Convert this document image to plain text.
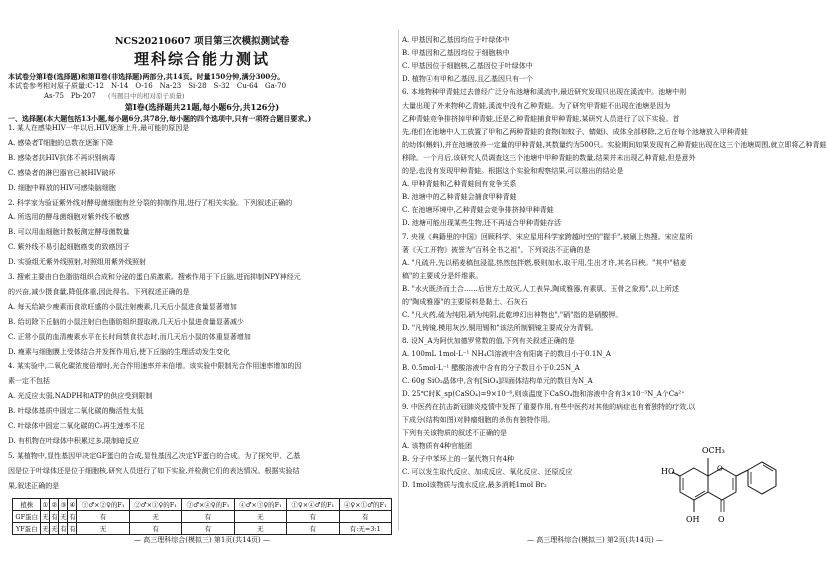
NCS20210607 项目第三次模拟测试卷
理科综合能力测试
本试卷分第Ⅰ卷(选择题)和第Ⅱ卷(非选择题)两部分,共14页。时量150分钟,满分300分。
本试卷参考相对原子质量:C-12　N-14　O-16　Na-23　Si-28　S-32　Cu-64　Ga-70
As-75　Pb-207 (当题目中的相对原子质量)
第Ⅰ卷(选择题共21题,每小题6分,共126分)
一、选择题(本大题包括13小题,每小题6分,共78分,每小题的四个选项中,只有一项符合题目要求。)
1. 某人在感染HIV一年以后,HIV逐渐上升,最可能的原因是
A. 感染者T细胞的总数在逐渐下降
B. 感染者抗HIV抗体不再识别病毒
C. 感染者的淋巴器官已被HIV破坏
D. 细胞中释放的HIV可感染脑细胞
2. 科学家为验证紫外线对酵母菌细胞有丝分裂的抑制作用,进行了相关实验。下列叙述正确的
A. 所选用的酵母菌细胞对紫外线不敏感
B. 可以用血细胞计数板测定酵母菌数量
C. 紫外线不易引起细胞癌变的致癌因子
D. 实验组无紫外线照射,对照组用紫外线照射
3. 搜索主要由白色脂肪组织合成和分泌的蛋白质激素。搜索作用于下丘脑,进而抑制NPY神经元
的兴奋,减少摄食量,降低体重,因此得名。下列叙述正确的是
A. 每天给缺少瘦素而食欲旺盛的小鼠注射瘦素,几天后小鼠进食量显著增加
B. 给切除下丘脑的小鼠注射白色脂肪组织提取液,几天后小鼠进食量显著减少
C. 正常小鼠的血清瘦素水平在长时间禁食状态时,而几天后小鼠的体重显著增加
D. 瘦素与细胞膜上受体结合并发挥作用后,使下丘脑的生理活动发生变化
4. 某实验中,二氧化碳浓度倍增时,光合作用速率并未倍增。该实验中限制光合作用速率增加的因
素一定不包括
A. 光反应太弱,NADPH和ATP的供应受到限制
B. 叶绿体基质中固定二氧化碳的酶活性太低
C. 叶绿体中固定二氧化碳的C₅再生速率不足
D. 有机物在叶绿体中积累过多,限制暗反应
5. 某植物中,显性基因甲决定GF蛋白的合成,显性基因乙决定YF蛋白的合成。为了探究甲、乙基
因是位于叶绿体还是位于细胞核,研究人员进行了如下实验,并检测它们的表达情况。根据实验结
果,叙述正确的是
植株	①	②	③	④	①♂×②♀的F₁	②♂×①♀的F₁	③♂×④♀的F₁	④♂×③♀的F₁	①♀×④♂的F₁	④♀×①♂的F₁
GF蛋白	无	有	无	有	有	无	有	无	有	有
YF蛋白	无	无	有	有	无	有	有	无	有	有:无=3:1
— 高三理科综合(模拟三) 第1页(共14页) —
A. 甲基因和乙基因均位于叶绿体中
B. 甲基因和乙基因均位于细胞核中
C. 甲基因位于细胞核,乙基因位于叶绿体中
D. 植物④有甲和乙基因,且乙基因只有一个
6. 本地物种甲青蛙过去曾经广泛分布池塘和溪流中,最近研究发现只出现在溪流中。池塘中则
大量出现了外来物种乙青蛙,溪流中没有乙种青蛙。为了研究甲青蛙不出现在池塘是因为
乙种青蛙竞争排挤掉甲种青蛙,还是乙种青蛙捕食甲种青蛙,某研究人员进行了以下实验。首
先,他们在池塘中人工放置了甲和乙两种青蛙的食物(如蚊子、蜻蜓)、成体全部移除,之后在每个池塘放入甲种青蛙
的幼体(蝌蚪),并在池塘放养一定量的甲种青蛙,其数量约为500只。实验期间如果发现有乙种青蛙出现在这三个池塘周围,就立即将乙种青蛙
移除。一个月后,该研究人员调查这三个池塘中甲种青蛙的数量,结果并未出现乙种青蛙,但是意外
的是,也没有发现甲种青蛙。根据这个实验和观察结果,可以推出的结论是
A. 甲种青蛙和乙种青蛙间有竞争关系
B. 池塘中的乙种青蛙会捕食甲种青蛙
C. 在池塘环境中,乙种青蛙会竞争排挤掉甲种青蛙
D. 池塘可能出现某些生物,还不再适合甲种青蛙存活
7. 央视《典籍里的中国》回顾科学、宋应星用科学家跨越时空的"握手",被刷上热搜。宋应星所
著《天工开物》被誉为"百科全书之祖"。下列说法不正确的是
A. "凡硫升,先以稻麦稿包浸湿,热然包拌燃,极则加水,取干用,生出才许,其名曰秧。"其中"秸麦
稿"的主要成分是纤维素。
B. "水火既济而土合……后世方土故灭,人工表异,陶成雅器,有素肌、玉骨之象焉",以上所述
的"陶成雅器"的主要原料是黏土、石灰石
C. "凡火药,硫为纯阳,硝为纯阴,此乾坤幻出神物也","硝"指的是硝酸钾。
D. "凡铸镜,模用灰沙,铜用锡和"该法所制铜镜主要成分为青铜。
8. 设N_A为阿伏加德罗常数的值,下列有关叙述正确的是
A. 100mL 1mol·L⁻¹ NH₄Cl溶液中含有阳离子的数目小于0.1N_A
B. 0.5mol·L⁻¹ 醋酸溶液中含有的分子数目小于0.25N_A
C. 60g SiO₂晶体中,含有[SiO₄]四面体结构单元的数目为N_A
D. 25℃时K_sp(CaSO₄)=9×10⁻⁶,则该温度下CaSO₄饱和溶液中含有3×10⁻³N_A个Ca²⁺
9. 中医药在抗击新冠肺炎疫情中发挥了重要作用,有些中医药对其他的病症也有着独特的疗效,以
下成分(结构如图)对肿瘤细胞的杀伤有独特作用。
下列有关该物质的叙述不正确的是
A. 该物质有4种官能团
B. 分子中苯环上的一氯代物只有4种
C. 可以发生取代反应、加成反应、氧化反应、还原反应
D. 1mol该物质与溴水反应,最多消耗1mol Br₂
OCH₃
O
HO
OH O
— 高三理科综合(模拟三) 第2页(共14页) —
